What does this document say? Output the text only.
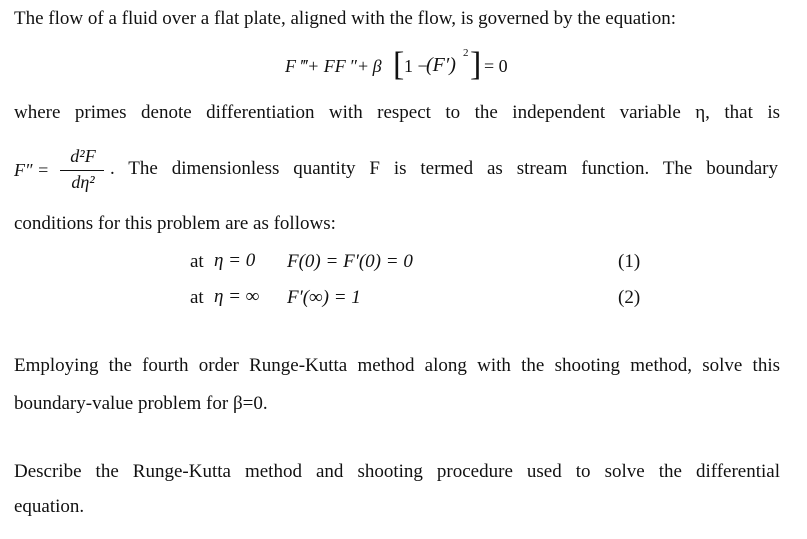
The flow of a fluid over a flat plate, aligned with the flow, is governed by the equation:
F ‴+ FF ″+ β [ 1 −
(F′)
2 ] = 0
where primes denote differentiation with respect to the independent variable η, that is
F″ =
d²F
dη²
. The dimensionless quantity F is termed as stream function. The boundary
conditions for this problem are as follows:
at η = 0 F(0) = F′(0) = 0	(1)
at η = ∞ F′(∞) = 1	(2)
Employing the fourth order Runge-Kutta method along with the shooting method, solve this
boundary-value problem for β=0.
Describe the Runge-Kutta method and shooting procedure used to solve the differential
equation.
